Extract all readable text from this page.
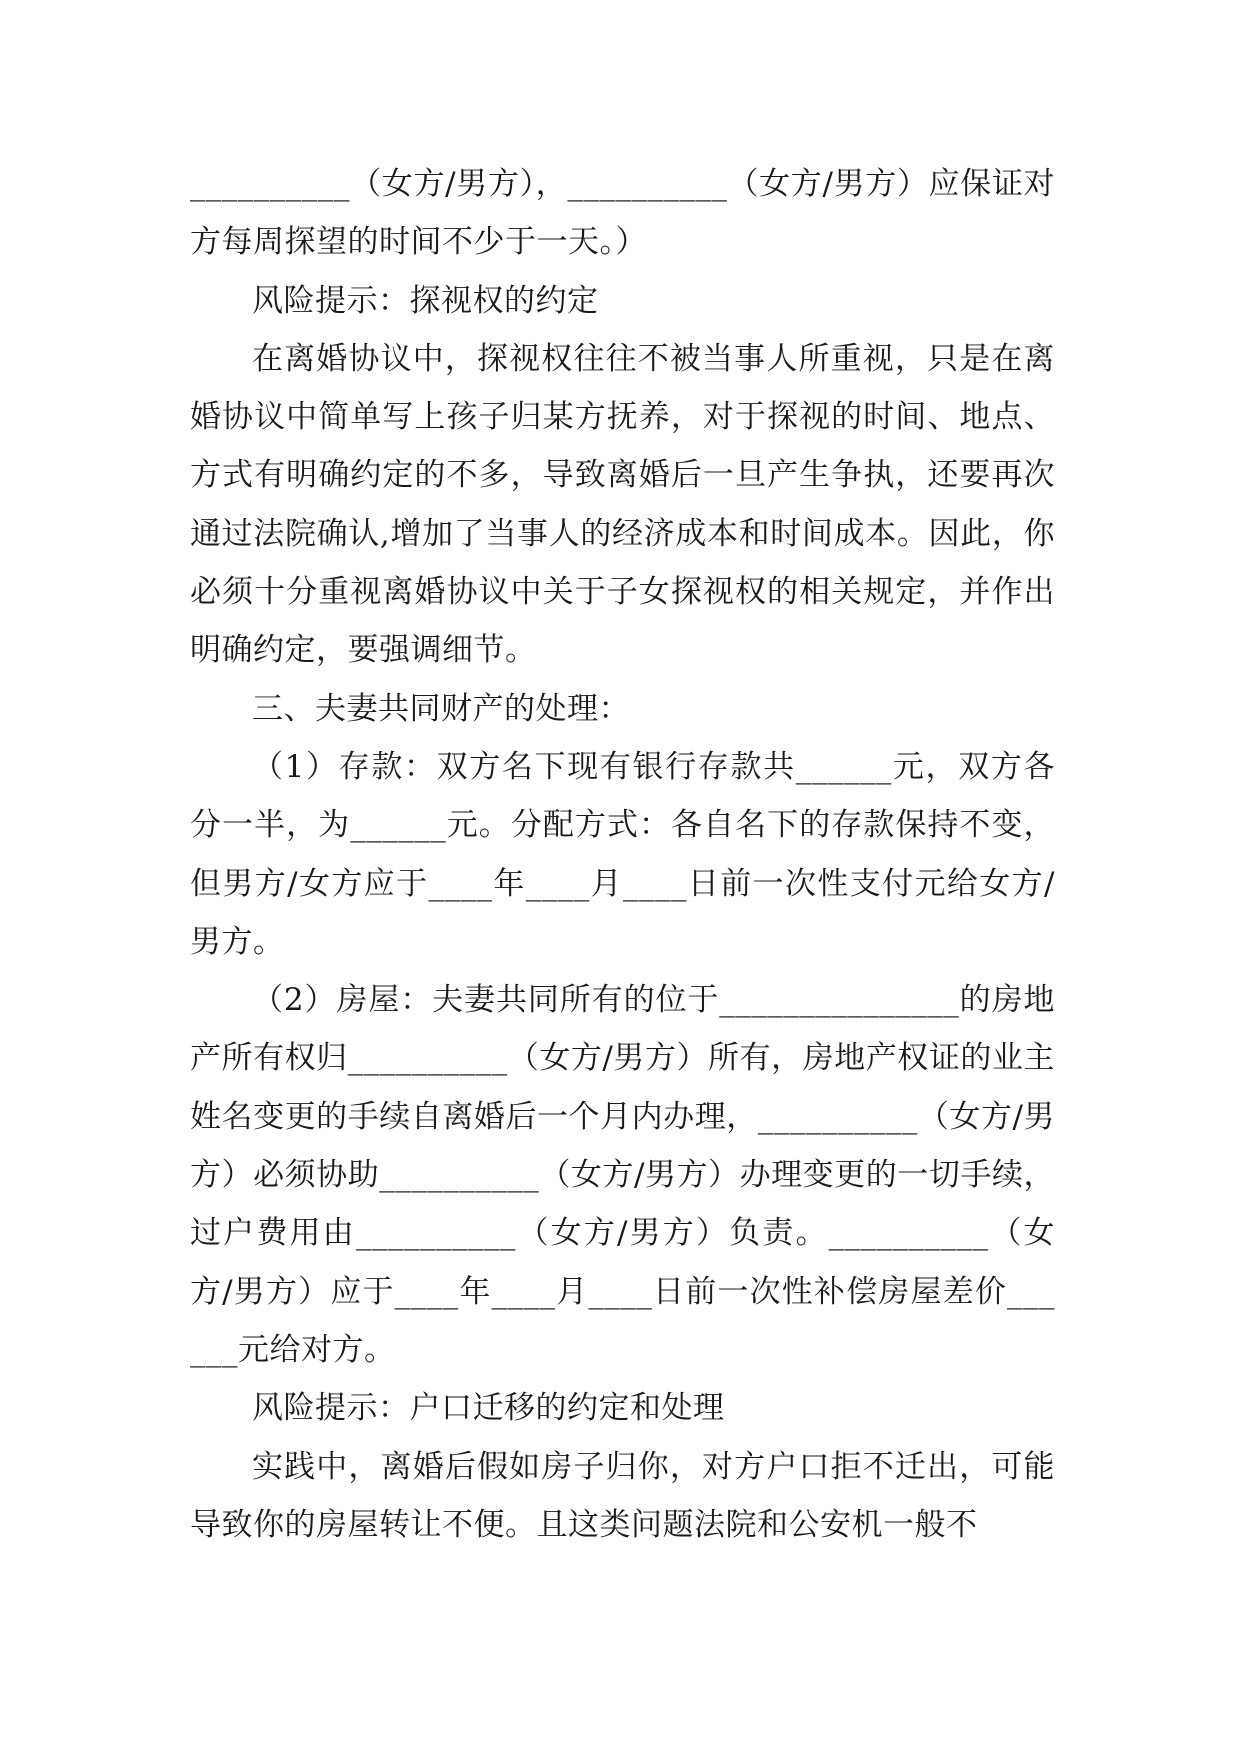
__________（女方/男方），__________（女方/男方）应保证对方每周探望的时间不少于一天。）

风险提示：探视权的约定

在离婚协议中，探视权往往不被当事人所重视，只是在离婚协议中简单写上孩子归某方抚养，对于探视的时间、地点、方式有明确约定的不多，导致离婚后一旦产生争执，还要再次通过法院确认,增加了当事人的经济成本和时间成本。因此，你必须十分重视离婚协议中关于子女探视权的相关规定，并作出明确约定，要强调细节。

三、夫妻共同财产的处理：

（1）存款：双方名下现有银行存款共______元，双方各分一半，为______元。分配方式：各自名下的存款保持不变，但男方/女方应于____年____月____日前一次性支付元给女方/男方。

（2）房屋：夫妻共同所有的位于_______________的房地产所有权归__________（女方/男方）所有，房地产权证的业主姓名变更的手续自离婚后一个月内办理，__________（女方/男方）必须协助__________（女方/男方）办理变更的一切手续，过户费用由__________（女方/男方）负责。__________（女方/男方）应于____年____月____日前一次性补偿房屋差价______元给对方。

风险提示：户口迁移的约定和处理

实践中，离婚后假如房子归你，对方户口拒不迁出，可能导致你的房屋转让不便。且这类问题法院和公安机一般不
